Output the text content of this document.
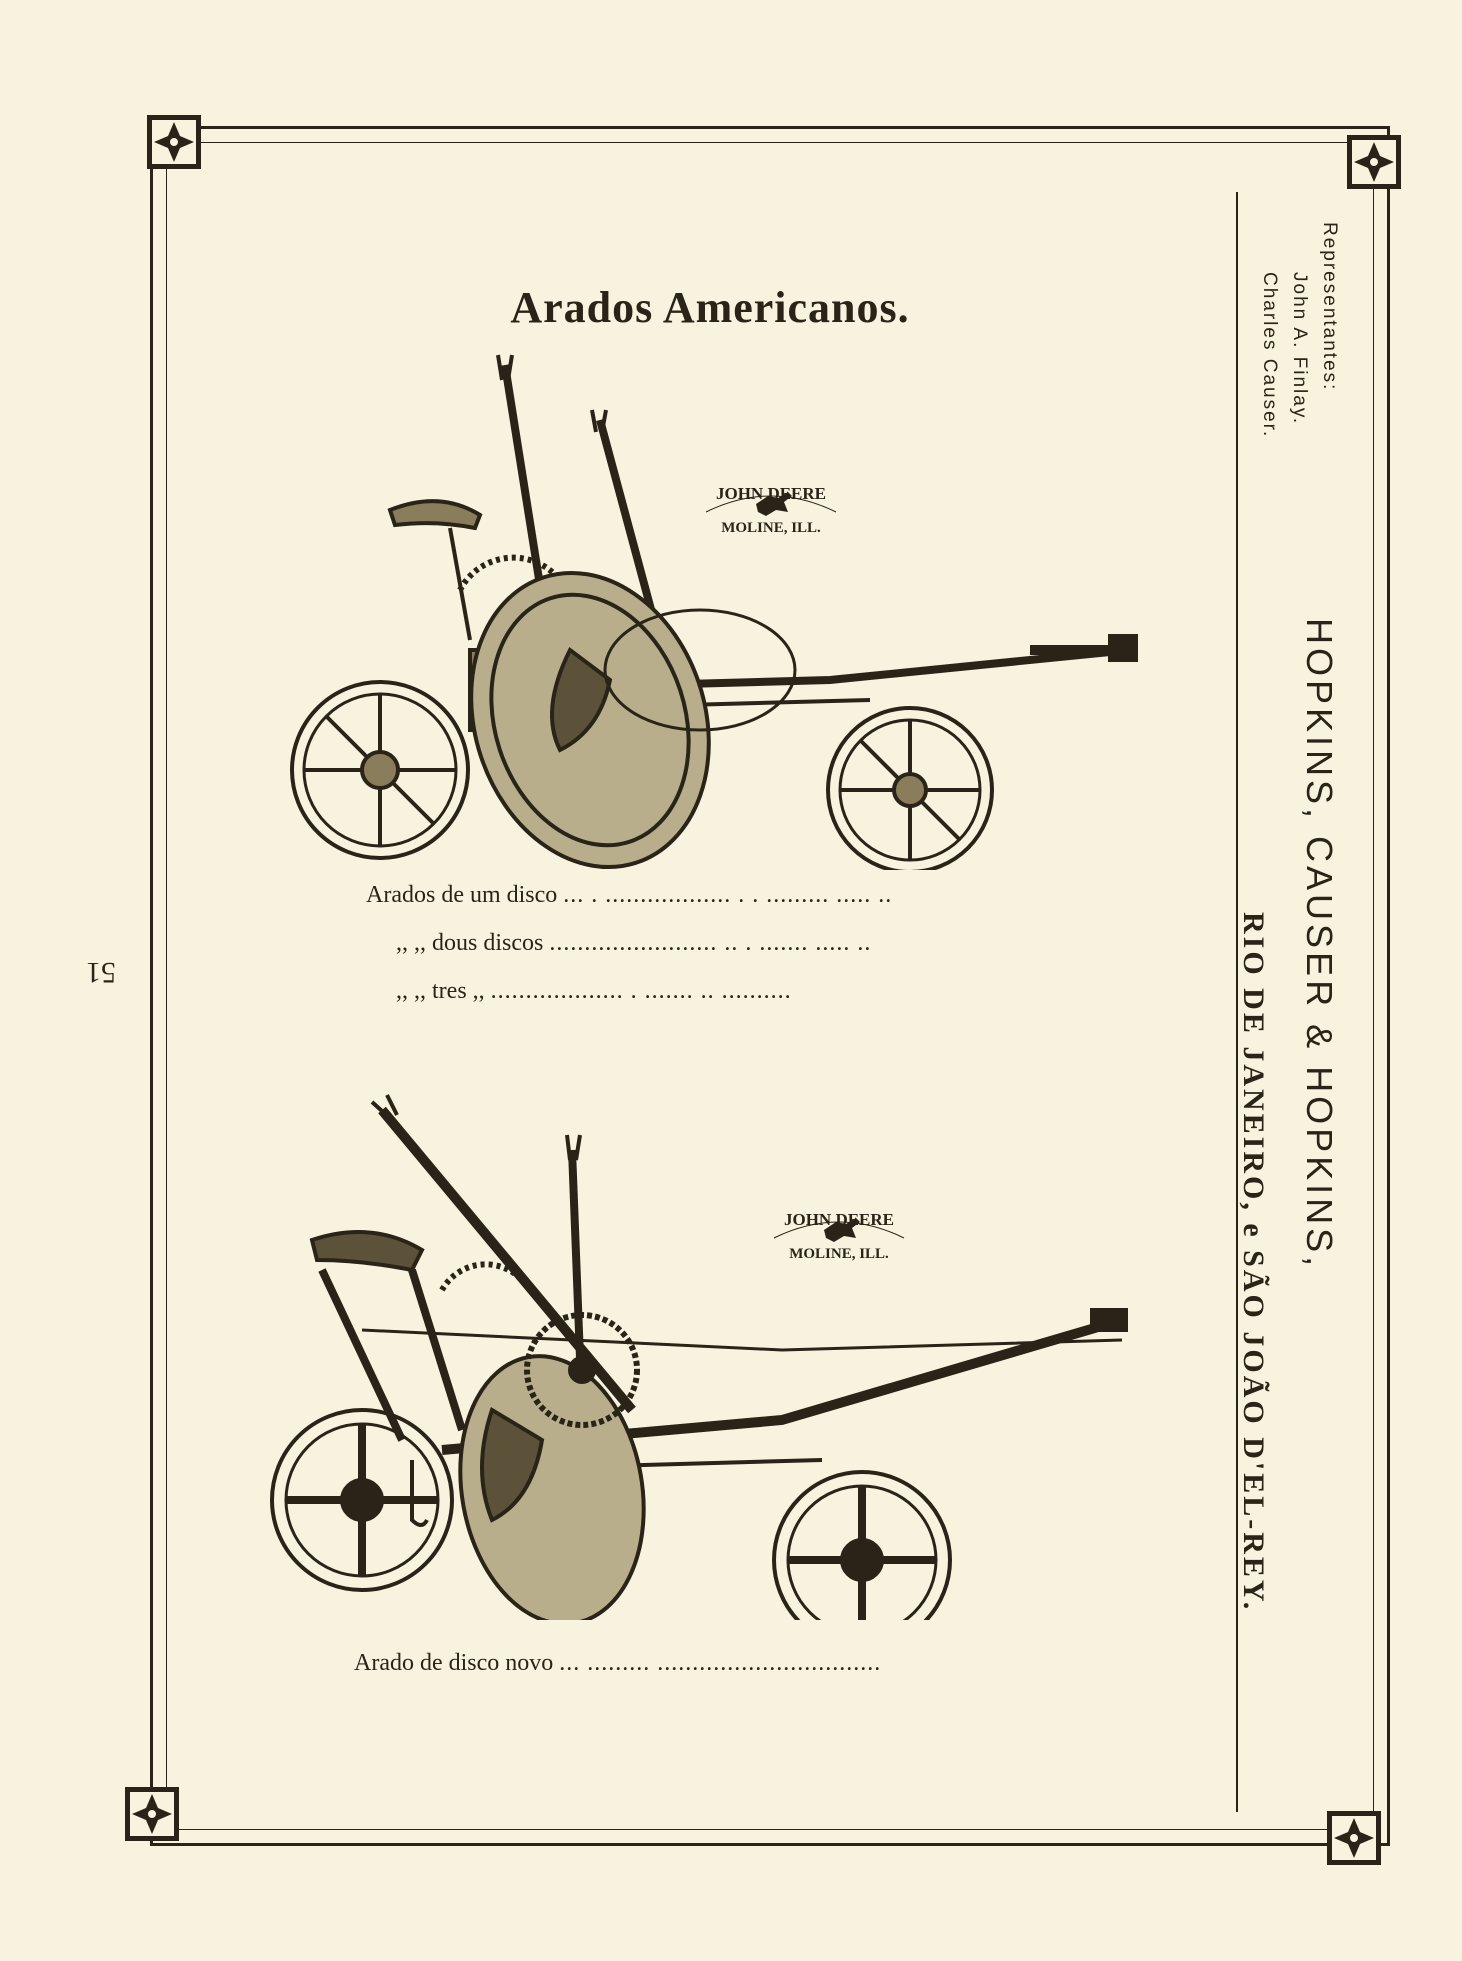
51
Arados Americanos.
JOHN DEERE
MOLINE, ILL.
Arados de um disco ... . .................. . . ......... ..... ..
,, ,, dous discos ........................ .. . ....... ..... ..
,, ,, tres ,, ................... . ....... .. ..........
JOHN DEERE
MOLINE, ILL.
Arado de disco novo ... ......... ................................
Representantes:
John A. Finlay.
Charles Causer.
HOPKINS, CAUSER & HOPKINS,
RIO DE JANEIRO, e SÃO JOÃO D'EL-REY.
